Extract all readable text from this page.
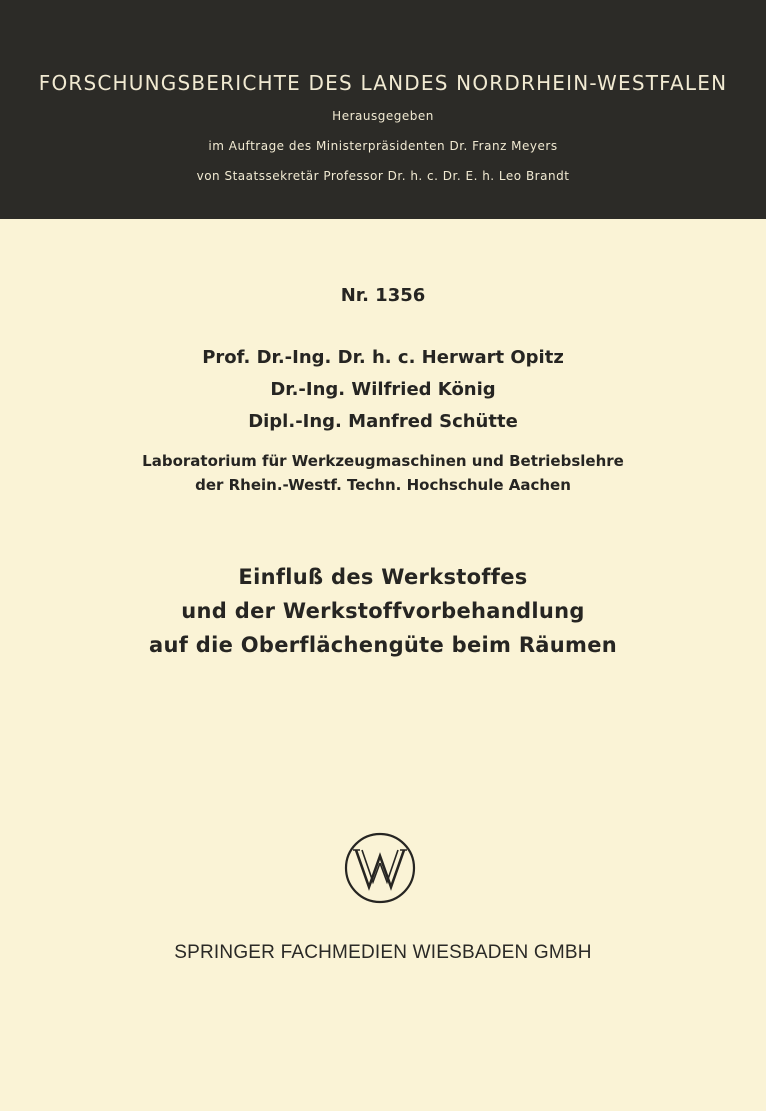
FORSCHUNGSBERICHTE DES LANDES NORDRHEIN-WESTFALEN
Herausgegeben
im Auftrage des Ministerpräsidenten Dr. Franz Meyers
von Staatssekretär Professor Dr. h. c. Dr. E. h. Leo Brandt
Nr. 1356
Prof. Dr.-Ing. Dr. h. c. Herwart Opitz
Dr.-Ing. Wilfried König
Dipl.-Ing. Manfred Schütte
Laboratorium für Werkzeugmaschinen und Betriebslehre
der Rhein.-Westf. Techn. Hochschule Aachen
Einfluß des Werkstoffes
und der Werkstoffvorbehandlung
auf die Oberflächengüte beim Räumen
SPRINGER FACHMEDIEN WIESBADEN GMBH
